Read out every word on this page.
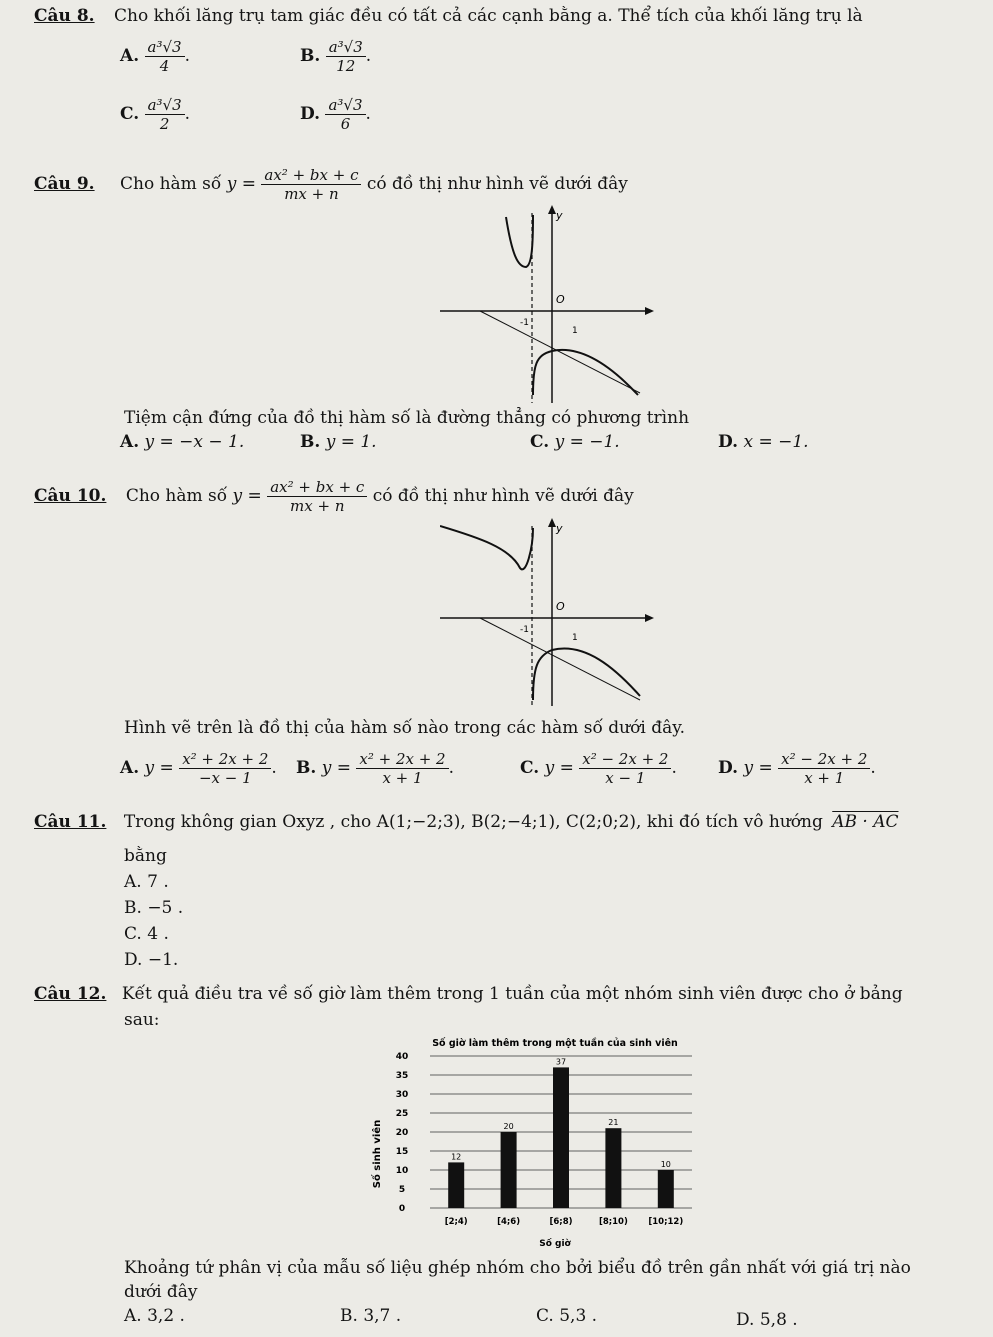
Câu 8. Cho khối lăng trụ tam giác đều có tất cả các cạnh bằng a. Thể tích của khối lăng trụ là
A. $\frac{\text{a³√3}}{4}$ .	B. $\frac{\text{a³√3}}{12}$ .
C. $\frac{\text{a³√3}}{2}$ .	D. $\frac{\text{a³√3}}{6}$ .
Câu 9. Cho hàm số $y = \frac{\text{ax² + bx + c}}{mx + n}$ có đồ thị như hình vẽ dưới đây
y
O
-1
1
Tiệm cận đứng của đồ thị hàm số là đường thẳng có phương trình
A. y = −x − 1.	B. y = 1.	C. y = −1.	D. x = −1.
Câu 10. Cho hàm số $y = \frac{\text{ax² + bx + c}}{mx + n}$ có đồ thị như hình vẽ dưới đây
y
O
-1
1
Hình vẽ trên là đồ thị của hàm số nào trong các hàm số dưới đây.
A. $y = \frac{\text{x² + 2x + 2}}{-x - 1}$ . B. $y = \frac{\text{x² + 2x + 2}}{x + 1}$ .	C. $y = \frac{\text{x² − 2x + 2}}{x - 1}$ . D. $y = \frac{\text{x² − 2x + 2}}{x + 1}$ .
Câu 11. Trong không gian Oxyz , cho A(1;−2;3), B(2;−4;1), C(2;0;2), khi đó tích vô hướng AB · AC
bằng
A. 7 .
B. −5 .
C. 4 .
D. −1.
Câu 12. Kết quả điều tra về số giờ làm thêm trong 1 tuần của một nhóm sinh viên được cho ở bảng
sau:
Số giờ làm thêm trong một tuần của sinh viên
0
5
10
15
20
25
30
35
40
12
20
37
21
10
[2;4)	[4;6)	[6;8)	[8;10) [10;12)
Số sinh viên
Số giờ
Khoảng tứ phân vị của mẫu số liệu ghép nhóm cho bởi biểu đồ trên gần nhất với giá trị nào
dưới đây
A. 3,2 .	B. 3,7 .	C. 5,3 .	D. 5,8 .
